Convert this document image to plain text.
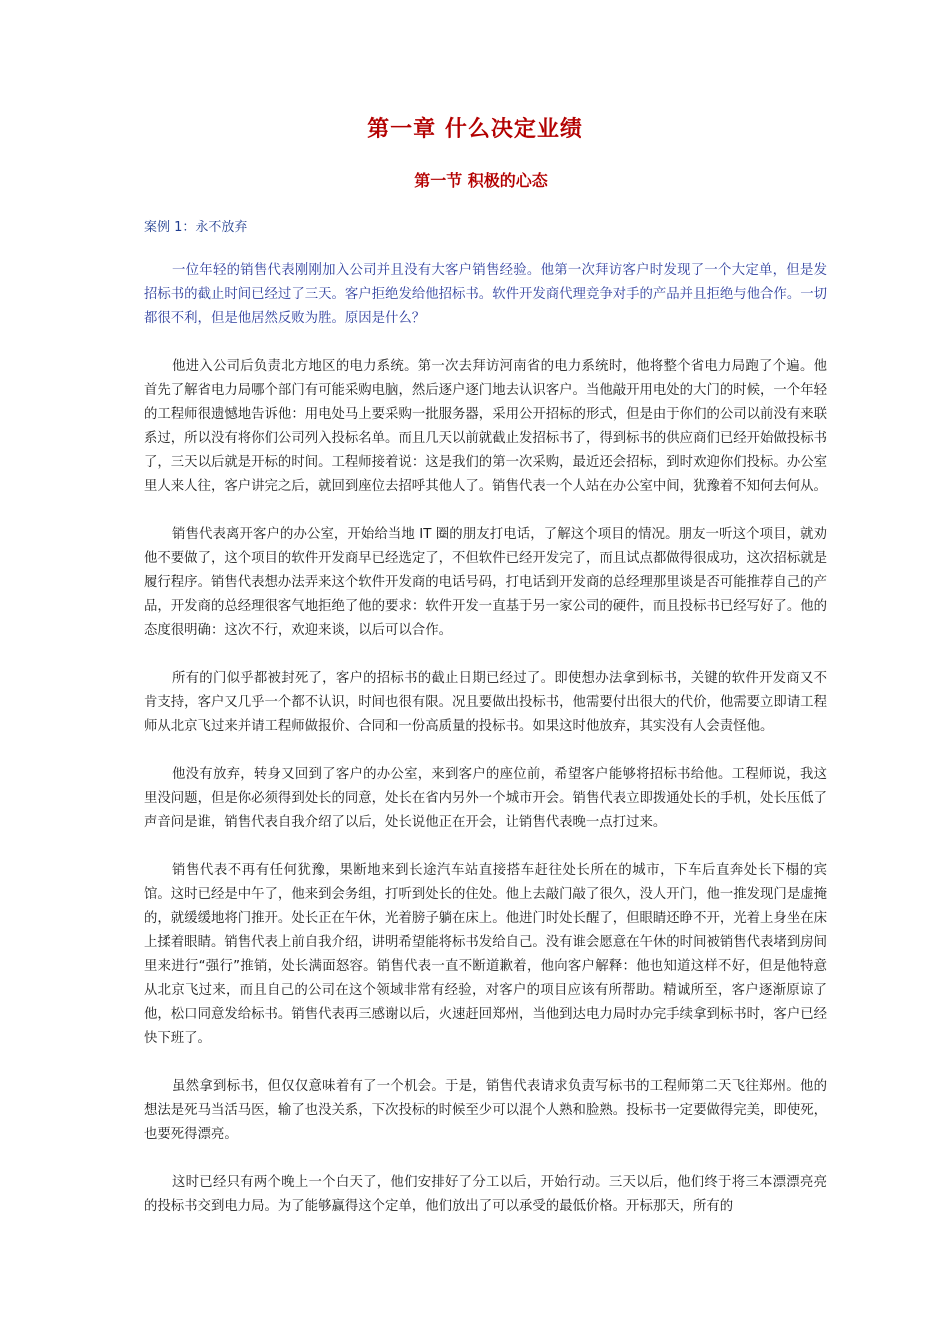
第一章 什么决定业绩
第一节 积极的心态

案例 1：永不放弃

一位年轻的销售代表刚刚加入公司并且没有大客户销售经验。他第一次拜访客户时发现了一个大定单，但是发招标书的截止时间已经过了三天。客户拒绝发给他招标书。软件开发商代理竞争对手的产品并且拒绝与他合作。一切都很不利，但是他居然反败为胜。原因是什么？

他进入公司后负责北方地区的电力系统。第一次去拜访河南省的电力系统时，他将整个省电力局跑了个遍。他首先了解省电力局哪个部门有可能采购电脑，然后逐户逐门地去认识客户。当他敲开用电处的大门的时候，一个年轻的工程师很遗憾地告诉他：用电处马上要采购一批服务器，采用公开招标的形式，但是由于你们的公司以前没有来联系过，所以没有将你们公司列入投标名单。而且几天以前就截止发招标书了，得到标书的供应商们已经开始做投标书了，三天以后就是开标的时间。工程师接着说：这是我们的第一次采购，最近还会招标，到时欢迎你们投标。办公室里人来人往，客户讲完之后，就回到座位去招呼其他人了。销售代表一个人站在办公室中间，犹豫着不知何去何从。

销售代表离开客户的办公室，开始给当地 IT 圈的朋友打电话，了解这个项目的情况。朋友一听这个项目，就劝他不要做了，这个项目的软件开发商早已经选定了，不但软件已经开发完了，而且试点都做得很成功，这次招标就是履行程序。销售代表想办法弄来这个软件开发商的电话号码，打电话到开发商的总经理那里谈是否可能推荐自己的产品，开发商的总经理很客气地拒绝了他的要求：软件开发一直基于另一家公司的硬件，而且投标书已经写好了。他的态度很明确：这次不行，欢迎来谈，以后可以合作。

所有的门似乎都被封死了，客户的招标书的截止日期已经过了。即使想办法拿到标书，关键的软件开发商又不肯支持，客户又几乎一个都不认识，时间也很有限。况且要做出投标书，他需要付出很大的代价，他需要立即请工程师从北京飞过来并请工程师做报价、合同和一份高质量的投标书。如果这时他放弃，其实没有人会责怪他。

他没有放弃，转身又回到了客户的办公室，来到客户的座位前，希望客户能够将招标书给他。工程师说，我这里没问题，但是你必须得到处长的同意，处长在省内另外一个城市开会。销售代表立即拨通处长的手机，处长压低了声音问是谁，销售代表自我介绍了以后，处长说他正在开会，让销售代表晚一点打过来。

销售代表不再有任何犹豫，果断地来到长途汽车站直接搭车赶往处长所在的城市，下车后直奔处长下榻的宾馆。这时已经是中午了，他来到会务组，打听到处长的住处。他上去敲门敲了很久，没人开门，他一推发现门是虚掩的，就缓缓地将门推开。处长正在午休，光着膀子躺在床上。他进门时处长醒了，但眼睛还睁不开，光着上身坐在床上揉着眼睛。销售代表上前自我介绍，讲明希望能将标书发给自己。没有谁会愿意在午休的时间被销售代表堵到房间里来进行“强行”推销，处长满面怒容。销售代表一直不断道歉着，他向客户解释：他也知道这样不好，但是他特意从北京飞过来，而且自己的公司在这个领域非常有经验，对客户的项目应该有所帮助。精诚所至，客户逐渐原谅了他，松口同意发给标书。销售代表再三感谢以后，火速赶回郑州，当他到达电力局时办完手续拿到标书时，客户已经快下班了。

虽然拿到标书，但仅仅意味着有了一个机会。于是，销售代表请求负责写标书的工程师第二天飞往郑州。他的想法是死马当活马医，输了也没关系，下次投标的时候至少可以混个人熟和脸熟。投标书一定要做得完美，即使死，也要死得漂亮。

这时已经只有两个晚上一个白天了，他们安排好了分工以后，开始行动。三天以后，他们终于将三本漂漂亮亮的投标书交到电力局。为了能够赢得这个定单，他们放出了可以承受的最低价格。开标那天，所有的
